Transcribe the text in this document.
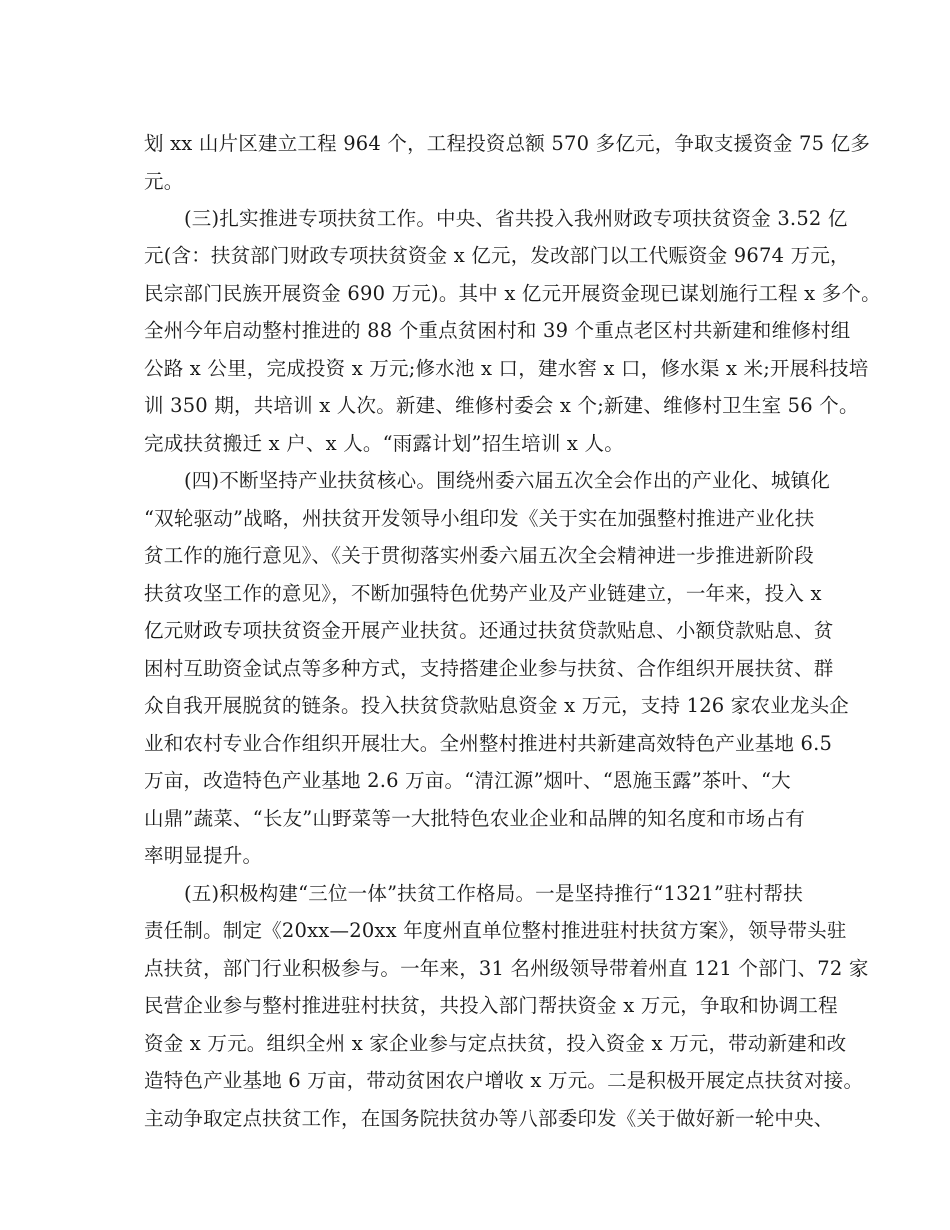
划 xx 山片区建立工程 964 个，工程投资总额 570 多亿元，争取支援资金 75 亿多
元。
(三)扎实推进专项扶贫工作。中央、省共投入我州财政专项扶贫资金 3.52 亿
元(含：扶贫部门财政专项扶贫资金 x 亿元，发改部门以工代赈资金 9674 万元，
民宗部门民族开展资金 690 万元)。其中 x 亿元开展资金现已谋划施行工程 x 多个。
全州今年启动整村推进的 88 个重点贫困村和 39 个重点老区村共新建和维修村组
公路 x 公里，完成投资 x 万元;修水池 x 口，建水窖 x 口，修水渠 x 米;开展科技培
训 350 期，共培训 x 人次。新建、维修村委会 x 个;新建、维修村卫生室 56 个。
完成扶贫搬迁 x 户、x 人。“雨露计划”招生培训 x 人。
(四)不断坚持产业扶贫核心。围绕州委六届五次全会作出的产业化、城镇化
“双轮驱动”战略，州扶贫开发领导小组印发《关于实在加强整村推进产业化扶
贫工作的施行意见》、《关于贯彻落实州委六届五次全会精神进一步推进新阶段
扶贫攻坚工作的意见》，不断加强特色优势产业及产业链建立，一年来，投入 x
亿元财政专项扶贫资金开展产业扶贫。还通过扶贫贷款贴息、小额贷款贴息、贫
困村互助资金试点等多种方式，支持搭建企业参与扶贫、合作组织开展扶贫、群
众自我开展脱贫的链条。投入扶贫贷款贴息资金 x 万元，支持 126 家农业龙头企
业和农村专业合作组织开展壮大。全州整村推进村共新建高效特色产业基地 6.5
万亩，改造特色产业基地 2.6 万亩。“清江源”烟叶、“恩施玉露”茶叶、“大
山鼎”蔬菜、“长友”山野菜等一大批特色农业企业和品牌的知名度和市场占有
率明显提升。
(五)积极构建“三位一体”扶贫工作格局。一是坚持推行“1321”驻村帮扶
责任制。制定《20xx—20xx 年度州直单位整村推进驻村扶贫方案》，领导带头驻
点扶贫，部门行业积极参与。一年来，31 名州级领导带着州直 121 个部门、72 家
民营企业参与整村推进驻村扶贫，共投入部门帮扶资金 x 万元，争取和协调工程
资金 x 万元。组织全州 x 家企业参与定点扶贫，投入资金 x 万元，带动新建和改
造特色产业基地 6 万亩，带动贫困农户增收 x 万元。二是积极开展定点扶贫对接。
主动争取定点扶贫工作，在国务院扶贫办等八部委印发《关于做好新一轮中央、
